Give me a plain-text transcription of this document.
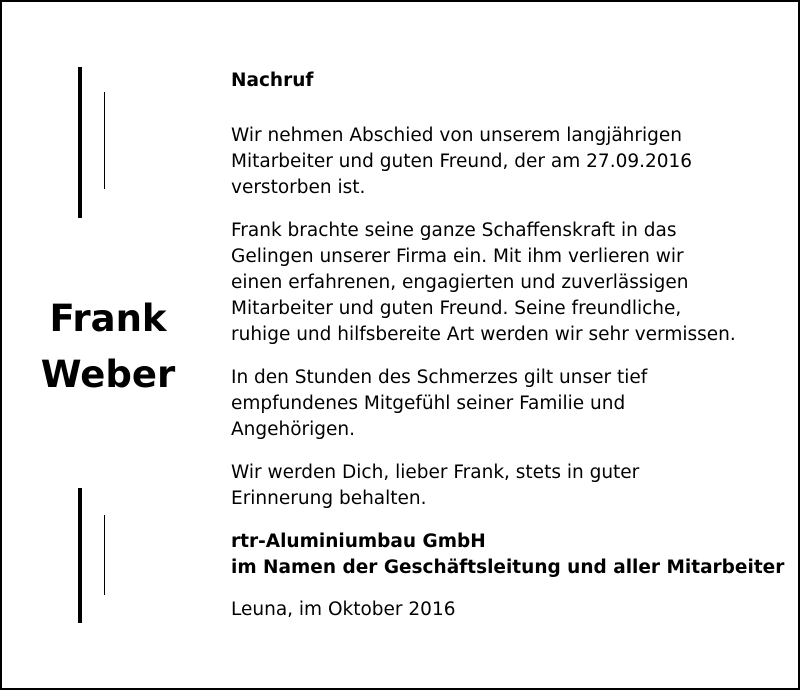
Frank
Weber

Nachruf

Wir nehmen Abschied von unserem langjährigen
Mitarbeiter und guten Freund, der am 27.09.2016
verstorben ist.

Frank brachte seine ganze Schaffenskraft in das
Gelingen unserer Firma ein. Mit ihm verlieren wir
einen erfahrenen, engagierten und zuverlässigen
Mitarbeiter und guten Freund. Seine freundliche,
ruhige und hilfsbereite Art werden wir sehr vermissen.

In den Stunden des Schmerzes gilt unser tief
empfundenes Mitgefühl seiner Familie und
Angehörigen.

Wir werden Dich, lieber Frank, stets in guter
Erinnerung behalten.

rtr-Aluminiumbau GmbH
im Namen der Geschäftsleitung und aller Mitarbeiter

Leuna, im Oktober 2016
